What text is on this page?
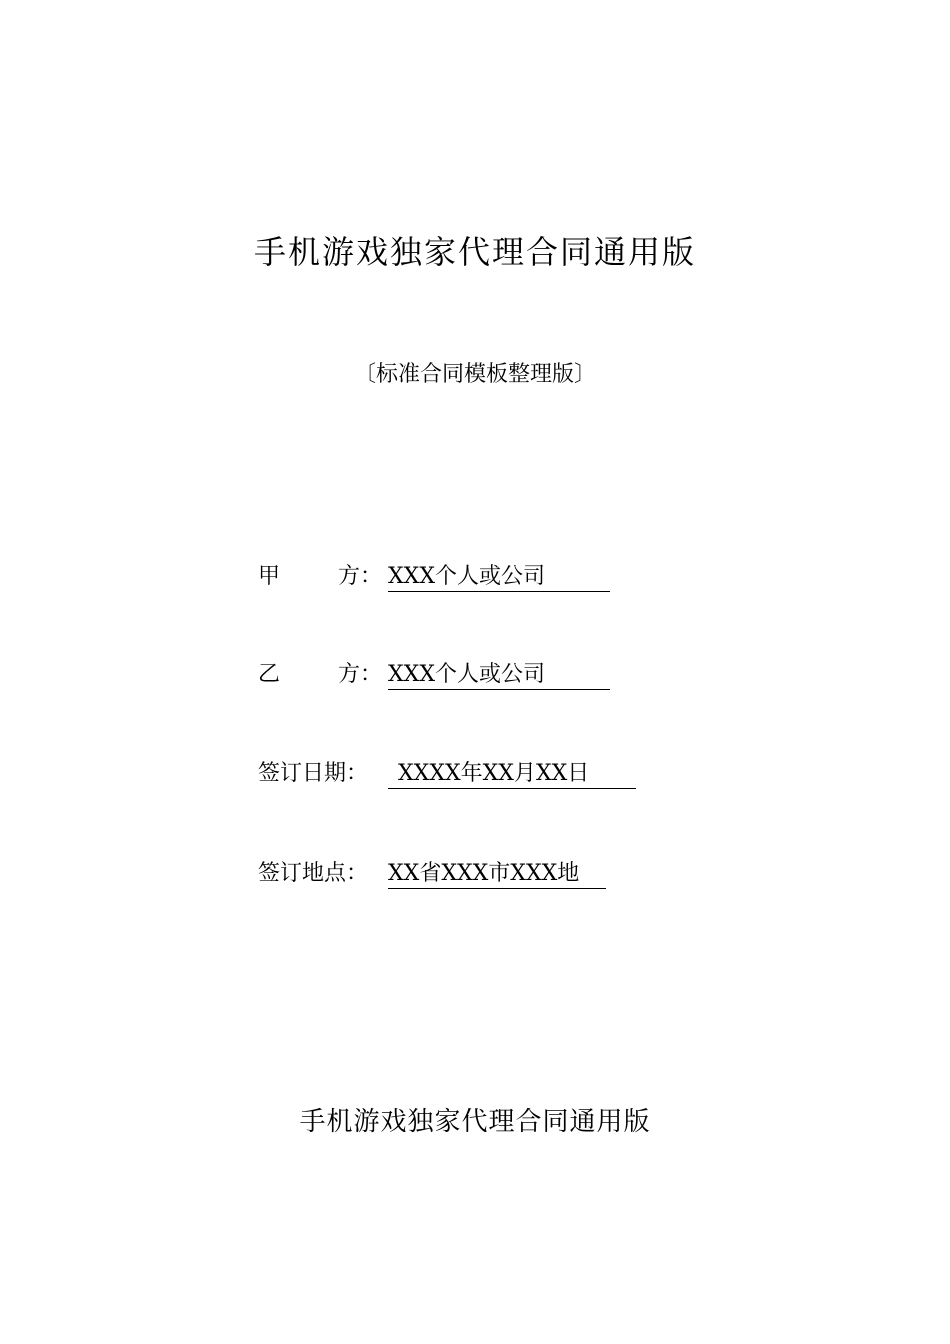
手机游戏独家代理合同通用版
〔标准合同模板整理版〕
甲	方： XXX个人或公司
乙	方： XXX个人或公司
签订日期： XXXX年XX月XX日
签订地点： XX省XXX市XXX地
手机游戏独家代理合同通用版
